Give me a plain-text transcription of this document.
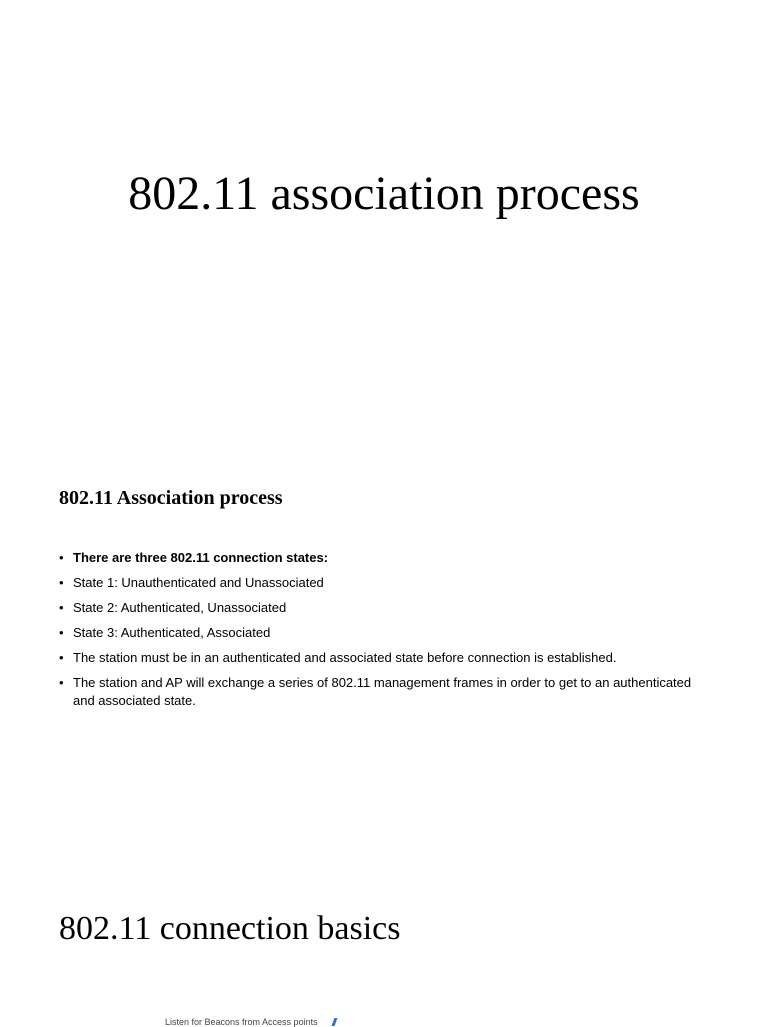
802.11 association process
802.11 Association process
• There are three 802.11 connection states:
• State 1: Unauthenticated and Unassociated
• State 2: Authenticated, Unassociated
• State 3: Authenticated, Associated
• The station must be in an authenticated and associated state before connection is established.
• The station and AP will exchange a series of 802.11 management frames in order to get to an authenticated and associated state.
802.11 connection basics
Listen for Beacons from Access points
